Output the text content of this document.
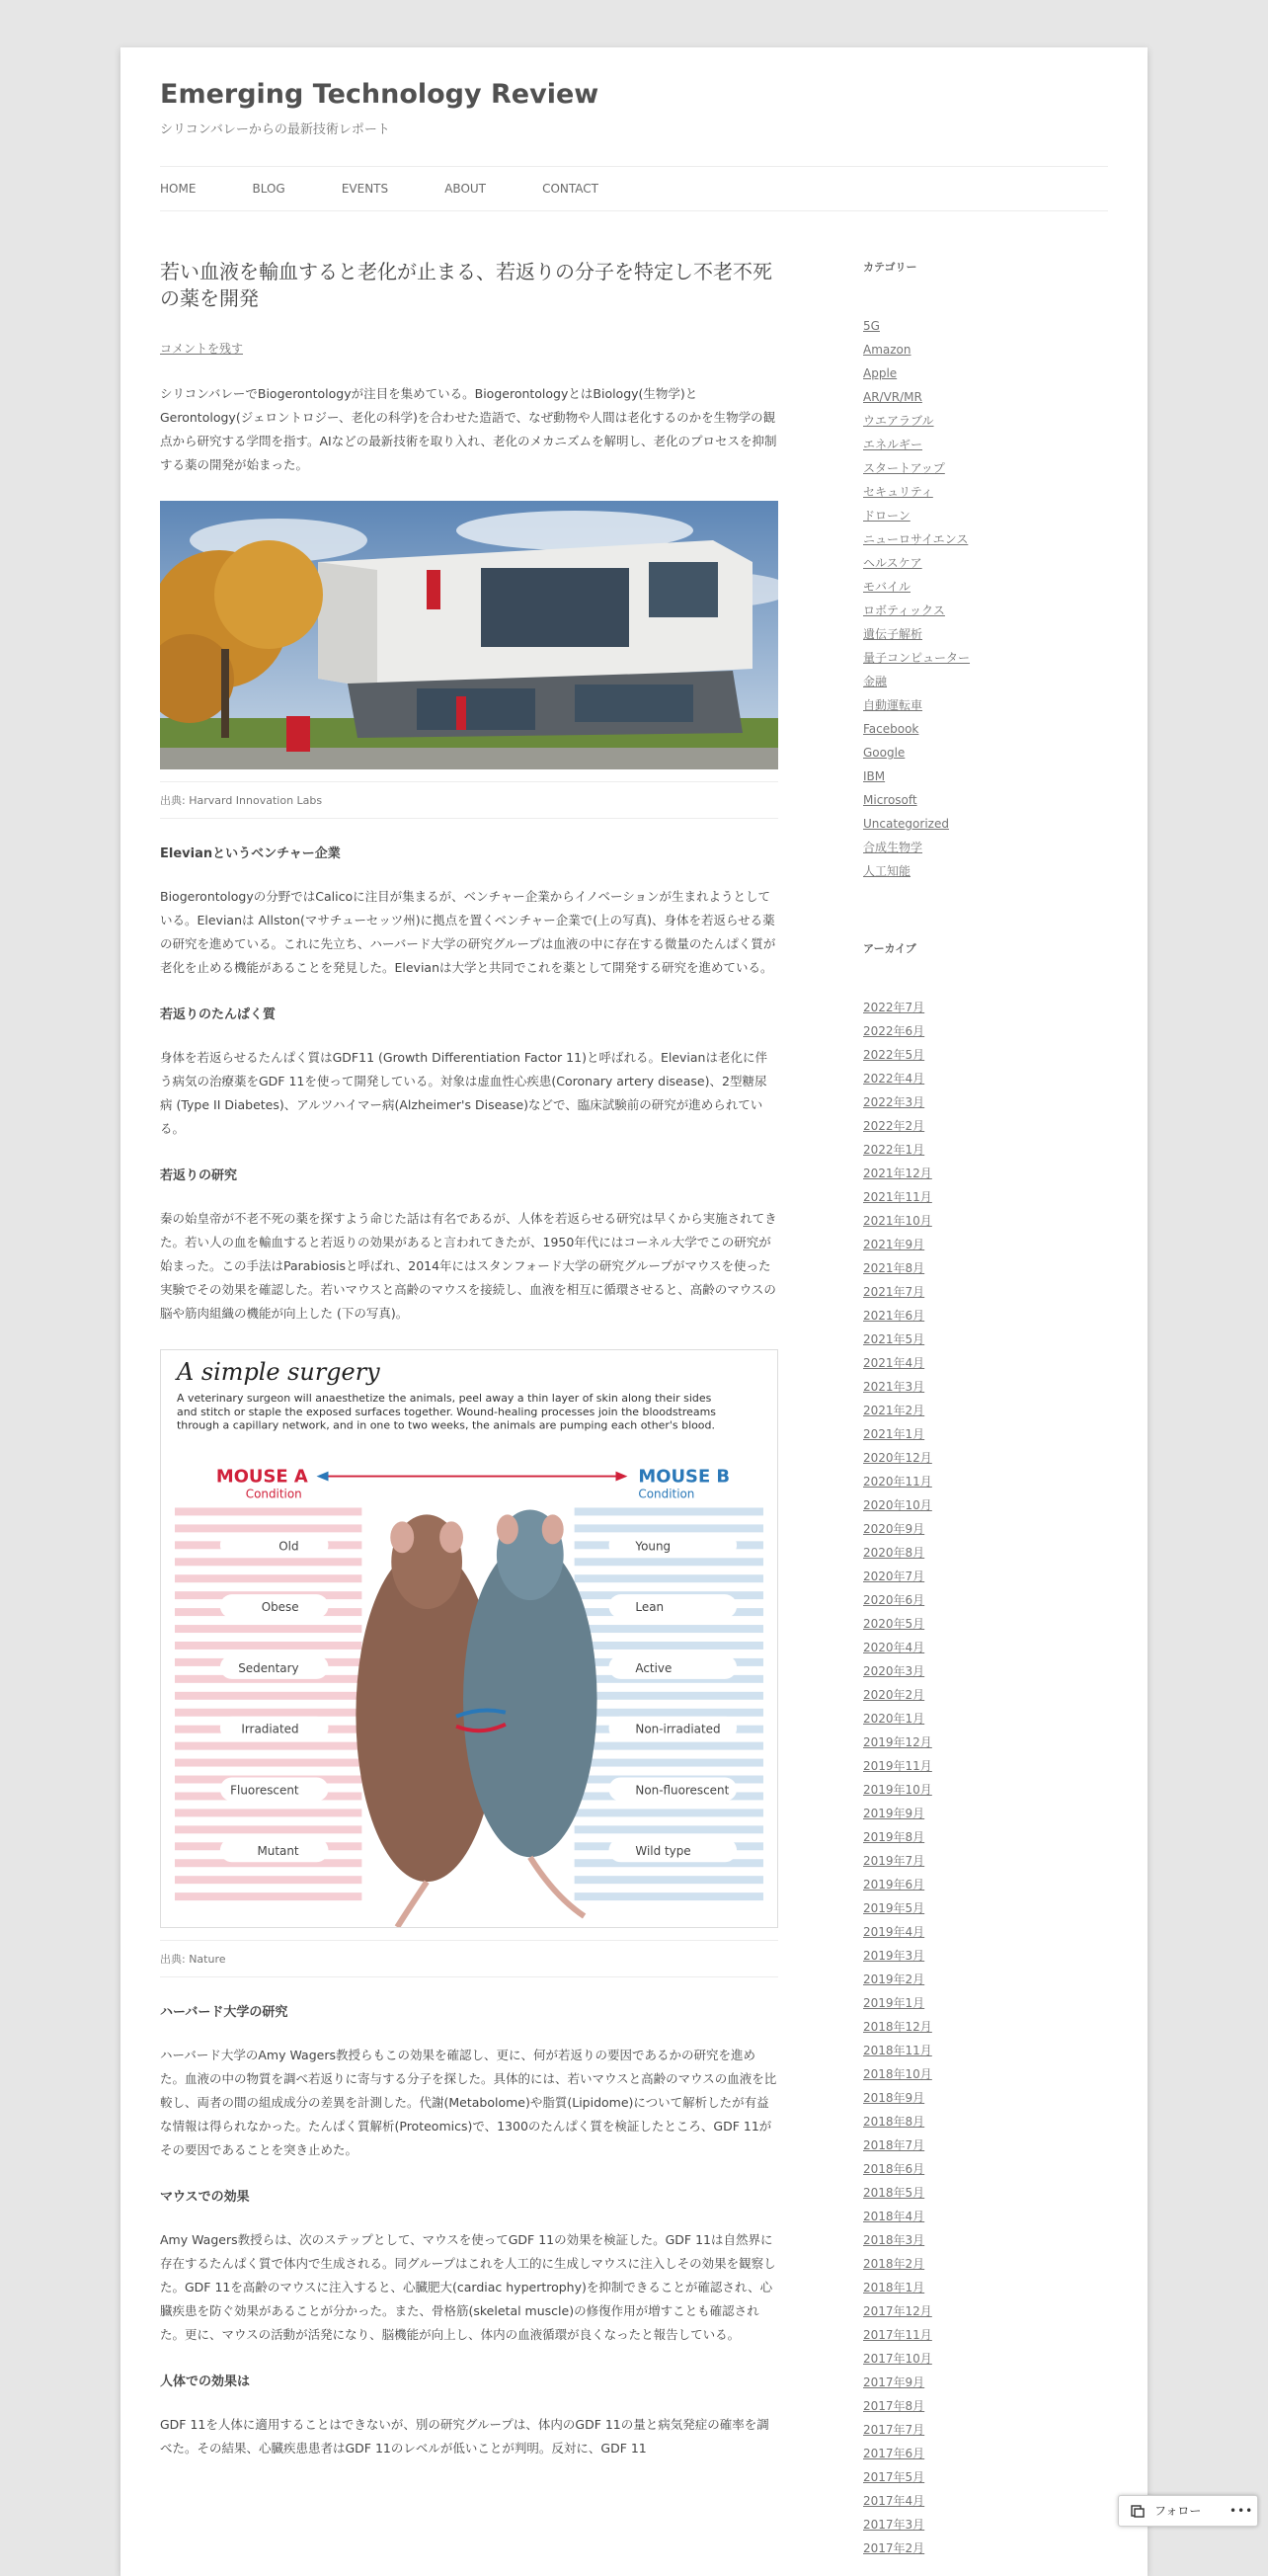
Emerging Technology Review

シリコンバレーからの最新技術レポート

HOME	BLOG	EVENTS	ABOUT	CONTACT
若い血液を輸血すると老化が止まる、若返りの分子を特定し不老不死の薬を開発
コメントを残す

シリコンバレーでBiogerontologyが注目を集めている。BiogerontologyとはBiology(生物学)とGerontology(ジェロントロジー、老化の科学)を合わせた造語で、なぜ動物や人間は老化するのかを生物学の観点から研究する学問を指す。AIなどの最新技術を取り入れ、老化のメカニズムを解明し、老化のプロセスを抑制する薬の開発が始まった。

出典: Harvard Innovation Labs
Elevianというベンチャー企業

Biogerontologyの分野ではCalicoに注目が集まるが、ベンチャー企業からイノベーションが生まれようとしている。Elevianは Allston(マサチューセッツ州)に拠点を置くベンチャー企業で(上の写真)、身体を若返らせる薬の研究を進めている。これに先立ち、ハーバード大学の研究グループは血液の中に存在する微量のたんぱく質が老化を止める機能があることを発見した。Elevianは大学と共同でこれを薬として開発する研究を進めている。

若返りのたんぱく質

身体を若返らせるたんぱく質はGDF11 (Growth Differentiation Factor 11)と呼ばれる。Elevianは老化に伴う病気の治療薬をGDF 11を使って開発している。対象は虚血性心疾患(Coronary artery disease)、2型糖尿病 (Type II Diabetes)、アルツハイマー病(Alzheimer's Disease)などで、臨床試験前の研究が進められている。

若返りの研究

秦の始皇帝が不老不死の薬を探すよう命じた話は有名であるが、人体を若返らせる研究は早くから実施されてきた。若い人の血を輸血すると若返りの効果があると言われてきたが、1950年代にはコーネル大学でこの研究が始まった。この手法はParabiosisと呼ばれ、2014年にはスタンフォード大学の研究グループがマウスを使った実験でその効果を確認した。若いマウスと高齢のマウスを接続し、血液を相互に循環させると、高齢のマウスの脳や筋肉組織の機能が向上した (下の写真)。

A simple surgery
A veterinary surgeon will anaesthetize the animals, peel away a thin layer of skin along their sides
and stitch or staple the exposed surfaces together. Wound-healing processes join the bloodstreams
through a capillary network, and in one to two weeks, the animals are pumping each other's blood.
MOUSE A
Condition
MOUSE B
Condition
Old
Obese
Sedentary
Irradiated
Fluorescent
Mutant
Young
Lean
Active
Non-irradiated
Non-fluorescent
Wild type
出典: Nature
ハーバード大学の研究

ハーバード大学のAmy Wagers教授らもこの効果を確認し、更に、何が若返りの要因であるかの研究を進めた。血液の中の物質を調べ若返りに寄与する分子を探した。具体的には、若いマウスと高齢のマウスの血液を比較し、両者の間の組成成分の差異を計測した。代謝(Metabolome)や脂質(Lipidome)について解析したが有益な情報は得られなかった。たんぱく質解析(Proteomics)で、1300のたんぱく質を検証したところ、GDF 11がその要因であることを突き止めた。

マウスでの効果

Amy Wagers教授らは、次のステップとして、マウスを使ってGDF 11の効果を検証した。GDF 11は自然界に存在するたんぱく質で体内で生成される。同グループはこれを人工的に生成しマウスに注入しその効果を観察した。GDF 11を高齢のマウスに注入すると、心臓肥大(cardiac hypertrophy)を抑制できることが確認され、心臓疾患を防ぐ効果があることが分かった。また、骨格筋(skeletal muscle)の修復作用が増すことも確認された。更に、マウスの活動が活発になり、脳機能が向上し、体内の血液循環が良くなったと報告している。

人体での効果は

GDF 11を人体に適用することはできないが、別の研究グループは、体内のGDF 11の量と病気発症の確率を調べた。その結果、心臓疾患患者はGDF 11のレベルが低いことが判明。反対に、GDF 11

カテゴリー
5G
Amazon
Apple
AR/VR/MR
ウエアラブル
エネルギー
スタートアップ
セキュリティ
ドローン
ニューロサイエンス
ヘルスケア
モバイル
ロボティックス
遺伝子解析
量子コンピューター
金融
自動運転車
Facebook
Google
IBM
Microsoft
Uncategorized
合成生物学
人工知能
アーカイブ
2022年7月
2022年6月
2022年5月
2022年4月
2022年3月
2022年2月
2022年1月
2021年12月
2021年11月
2021年10月
2021年9月
2021年8月
2021年7月
2021年6月
2021年5月
2021年4月
2021年3月
2021年2月
2021年1月
2020年12月
2020年11月
2020年10月
2020年9月
2020年8月
2020年7月
2020年6月
2020年5月
2020年4月
2020年3月
2020年2月
2020年1月
2019年12月
2019年11月
2019年10月
2019年9月
2019年8月
2019年7月
2019年6月
2019年5月
2019年4月
2019年3月
2019年2月
2019年1月
2018年12月
2018年11月
2018年10月
2018年9月
2018年8月
2018年7月
2018年6月
2018年5月
2018年4月
2018年3月
2018年2月
2018年1月
2017年12月
2017年11月
2017年10月
2017年9月
2017年8月
2017年7月
2017年6月
2017年5月
2017年4月
2017年3月
2017年2月
フォロー •••
